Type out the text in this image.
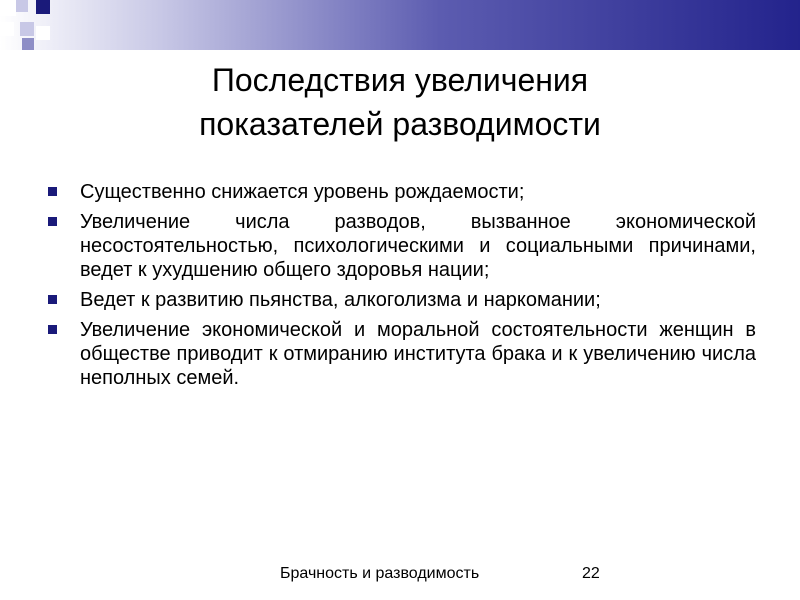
Последствия увеличения
показателей разводимости
Существенно снижается уровень рождаемости;
Увеличение числа разводов, вызванное экономической несостоятельностью, психологическими и социальными причинами, ведет к ухудшению общего здоровья нации;
Ведет к развитию пьянства, алкоголизма и наркомании;
Увеличение экономической и моральной состоятельности женщин в обществе приводит к отмиранию института брака и к увеличению числа неполных семей.
Брачность и разводимость	22
